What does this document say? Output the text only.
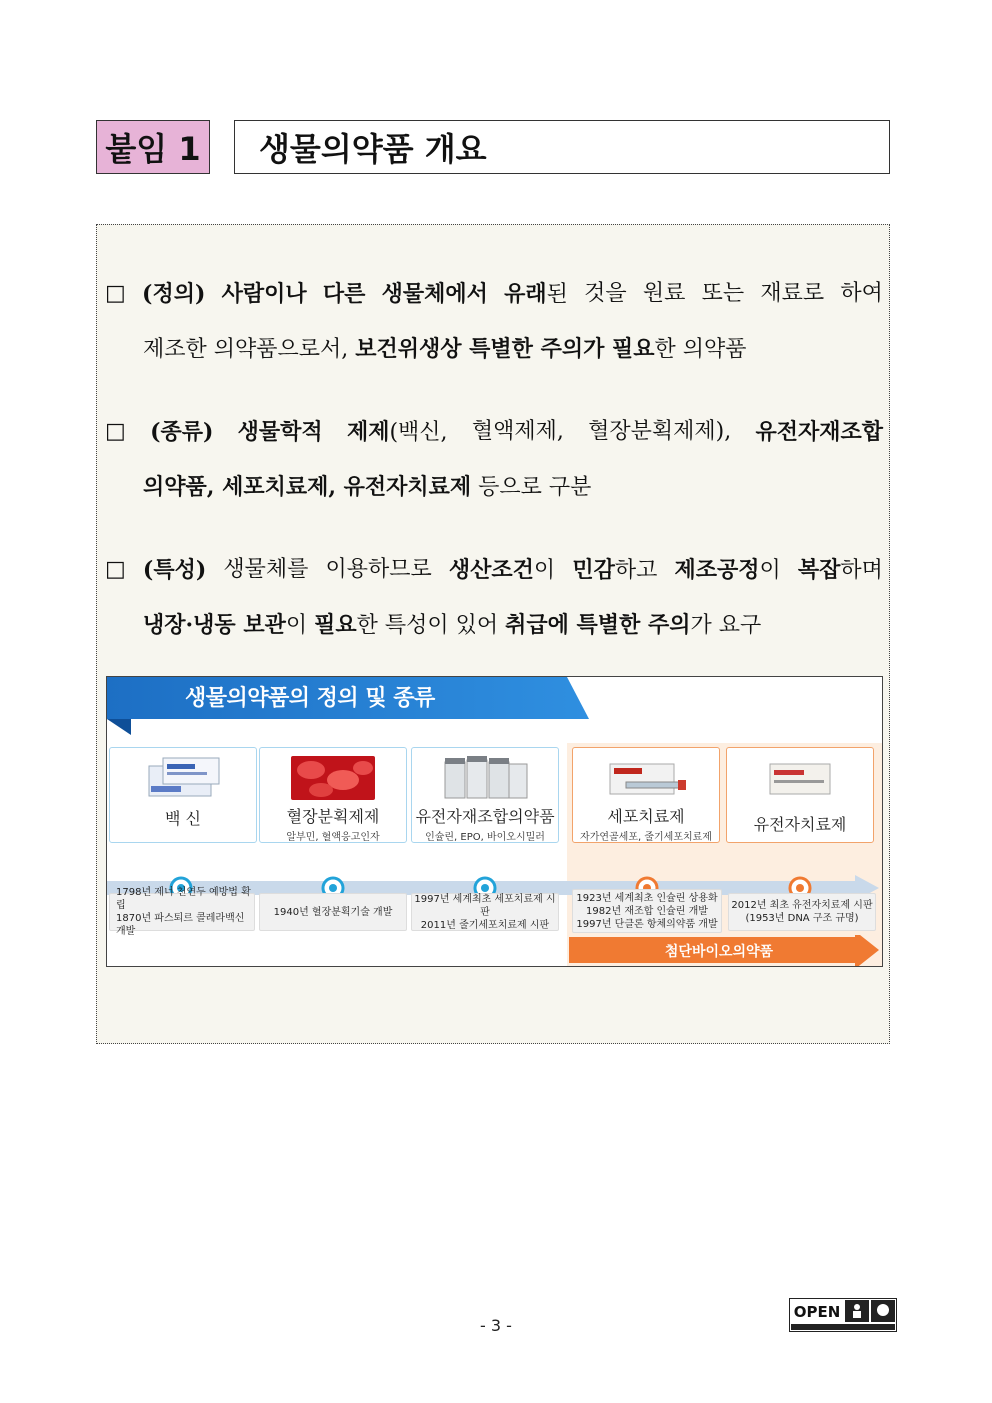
붙임 1	생물의약품 개요
□ (정의) 사람이나 다른 생물체에서 유래된 것을 원료 또는 재료로 하여
제조한 의약품으로서, 보건위생상 특별한 주의가 필요한 의약품
□ (종류) 생물학적 제제(백신, 혈액제제, 혈장분획제제), 유전자재조합
의약품, 세포치료제, 유전자치료제 등으로 구분
□ (특성) 생물체를 이용하므로 생산조건이 민감하고 제조공정이 복잡하며
냉장·냉동 보관이 필요한 특성이 있어 취급에 특별한 주의가 요구
생물의약품의 정의 및 종류
백 신	혈장분획제제
알부민, 혈액응고인자
유전자재조합의약품
인슐린, EPO, 바이오시밀러
세포치료제
자가연골세포, 줄기세포치료제
유전자치료제
1798년 제너 천연두 예방법 확립
1870년 파스퇴르 콜레라백신개발
1940년 혈장분획기술 개발
1997년 세계최초 세포치료제 시판
2011년 줄기세포치료제 시판
1923년 세계최초 인슐린 상용화
1982년 재조합 인슐린 개발
1997년 단클론 항체의약품 개발
2012년 최초 유전자치료제 시판
(1953년 DNA 구조 규명)
첨단바이오의약품
- 3 -
OPEN
